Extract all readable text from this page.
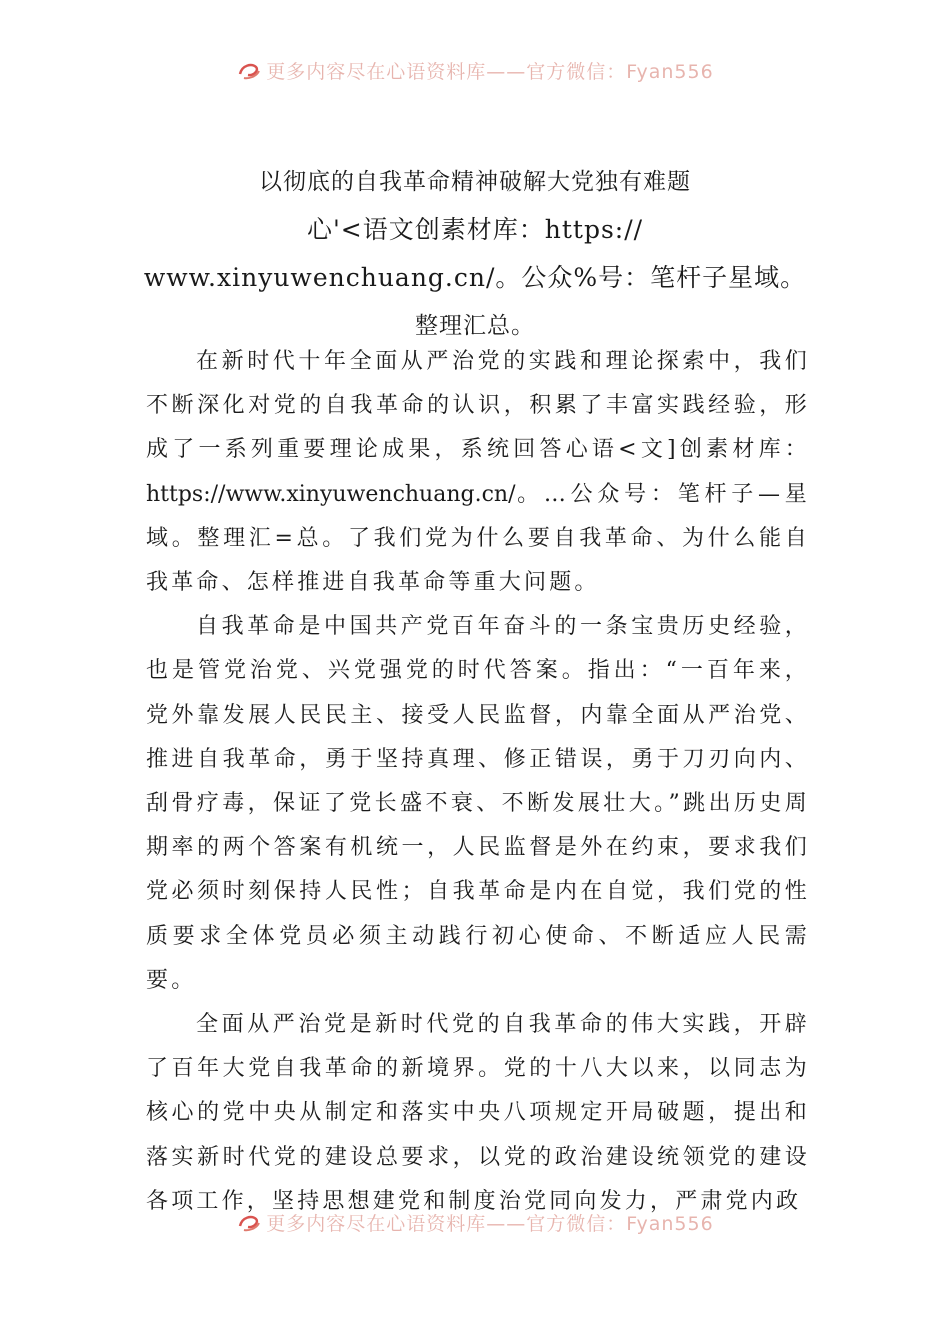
更多内容尽在心语资料库——官方微信：Fyan556
以彻底的自我革命精神破解大党独有难题
心'<语文创素材库：https://
www.xinyuwenchuang.cn/。公众%号：笔杆子星域。
整理汇总。

在新时代十年全面从严治党的实践和理论探索中，我们不断深化对党的自我革命的认识，积累了丰富实践经验，形成了一系列重要理论成果，系统回答心语<文]创素材库：https://www.xinyuwenchuang.cn/。…公众号：笔杆子—星域。整理汇=总。了我们党为什么要自我革命、为什么能自我革命、怎样推进自我革命等重大问题。

自我革命是中国共产党百年奋斗的一条宝贵历史经验，也是管党治党、兴党强党的时代答案。指出：“一百年来，党外靠发展人民民主、接受人民监督，内靠全面从严治党、推进自我革命，勇于坚持真理、修正错误，勇于刀刃向内、刮骨疗毒，保证了党长盛不衰、不断发展壮大。”跳出历史周期率的两个答案有机统一，人民监督是外在约束，要求我们党必须时刻保持人民性；自我革命是内在自觉，我们党的性质要求全体党员必须主动践行初心使命、不断适应人民需要。

全面从严治党是新时代党的自我革命的伟大实践，开辟了百年大党自我革命的新境界。党的十八大以来，以同志为核心的党中央从制定和落实中央八项规定开局破题，提出和落实新时代党的建设总要求，以党的政治建设统领党的建设各项工作，坚持思想建党和制度治党同向发力，严肃党内政

更多内容尽在心语资料库——官方微信：Fyan556
